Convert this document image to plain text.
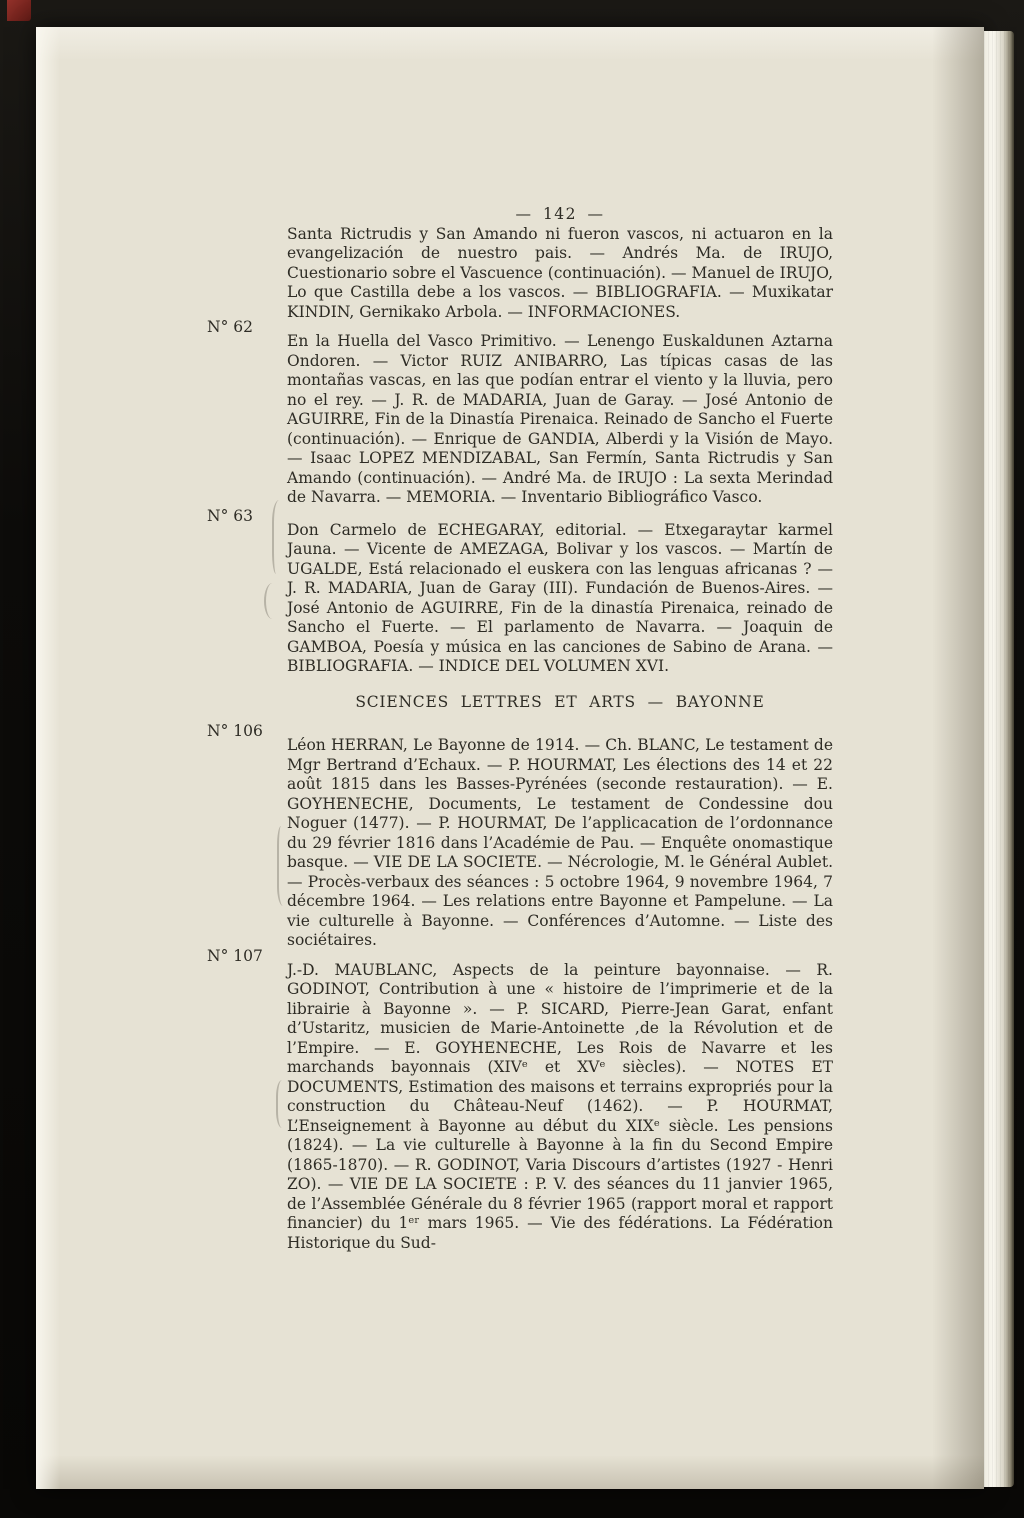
— 142 —

Santa Rictrudis y San Amando ni fueron vascos, ni actuaron en la evangelización de nuestro pais. — Andrés Ma. de IRUJO, Cuestionario sobre el Vascuence (continuación). — Manuel de IRUJO, Lo que Castilla debe a los vascos. — BIBLIOGRAFIA. — Muxikatar KINDIN, Gernikako Arbola. — INFORMACIONES.

N° 62

En la Huella del Vasco Primitivo. — Lenengo Euskaldunen Aztarna Ondoren. — Victor RUIZ ANIBARRO, Las típicas casas de las montañas vascas, en las que podían entrar el viento y la lluvia, pero no el rey. — J. R. de MADARIA, Juan de Garay. — José Antonio de AGUIRRE, Fin de la Dinastía Pirenaica. Reinado de Sancho el Fuerte (continuación). — Enrique de GANDIA, Alberdi y la Visión de Mayo. — Isaac LOPEZ MENDIZABAL, San Fermín, Santa Rictrudis y San Amando (continuación). — André Ma. de IRUJO : La sexta Merindad de Navarra. — MEMORIA. — Inventario Bibliográfico Vasco.

N° 63

Don Carmelo de ECHEGARAY, editorial. — Etxegaraytar karmel Jauna. — Vicente de AMEZAGA, Bolivar y los vascos. — Martín de UGALDE, Está relacionado el euskera con las lenguas africanas ? — J. R. MADARIA, Juan de Garay (III). Fundación de Buenos-Aires. — José Antonio de AGUIRRE, Fin de la dinastía Pirenaica, reinado de Sancho el Fuerte. — El parlamento de Navarra. — Joaquin de GAMBOA, Poesía y música en las canciones de Sabino de Arana. — BIBLIOGRAFIA. — INDICE DEL VOLUMEN XVI.

SCIENCES LETTRES ET ARTS — BAYONNE
N° 106

Léon HERRAN, Le Bayonne de 1914. — Ch. BLANC, Le testament de Mgr Bertrand d’Echaux. — P. HOURMAT, Les élections des 14 et 22 août 1815 dans les Basses-Pyrénées (seconde restauration). — E. GOYHENECHE, Documents, Le testament de Condessine dou Noguer (1477). — P. HOURMAT, De l’applicacation de l’ordonnance du 29 février 1816 dans l’Académie de Pau. — Enquête onomastique basque. — VIE DE LA SOCIETE. — Nécrologie, M. le Général Aublet. — Procès-verbaux des séances : 5 octobre 1964, 9 novembre 1964, 7 décembre 1964. — Les relations entre Bayonne et Pampelune. — La vie culturelle à Bayonne. — Conférences d’Automne. — Liste des sociétaires.

N° 107

J.-D. MAUBLANC, Aspects de la peinture bayonnaise. — R. GODINOT, Contribution à une « histoire de l’imprimerie et de la librairie à Bayonne ». — P. SICARD, Pierre-Jean Garat, enfant d’Ustaritz, musicien de Marie-Antoinette ,de la Révolution et de l’Empire. — E. GOYHENECHE, Les Rois de Navarre et les marchands bayonnais (XIVᵉ et XVᵉ siècles). — NOTES ET DOCUMENTS, Estimation des maisons et terrains expropriés pour la construction du Château-Neuf (1462). — P. HOURMAT, L’Enseignement à Bayonne au début du XIXᵉ siècle. Les pensions (1824). — La vie culturelle à Bayonne à la fin du Second Empire (1865-1870). — R. GODINOT, Varia Discours d’artistes (1927 - Henri ZO). — VIE DE LA SOCIETE : P. V. des séances du 11 janvier 1965, de l’Assemblée Générale du 8 février 1965 (rapport moral et rapport financier) du 1ᵉʳ mars 1965. — Vie des fédérations. La Fédération Historique du Sud-
